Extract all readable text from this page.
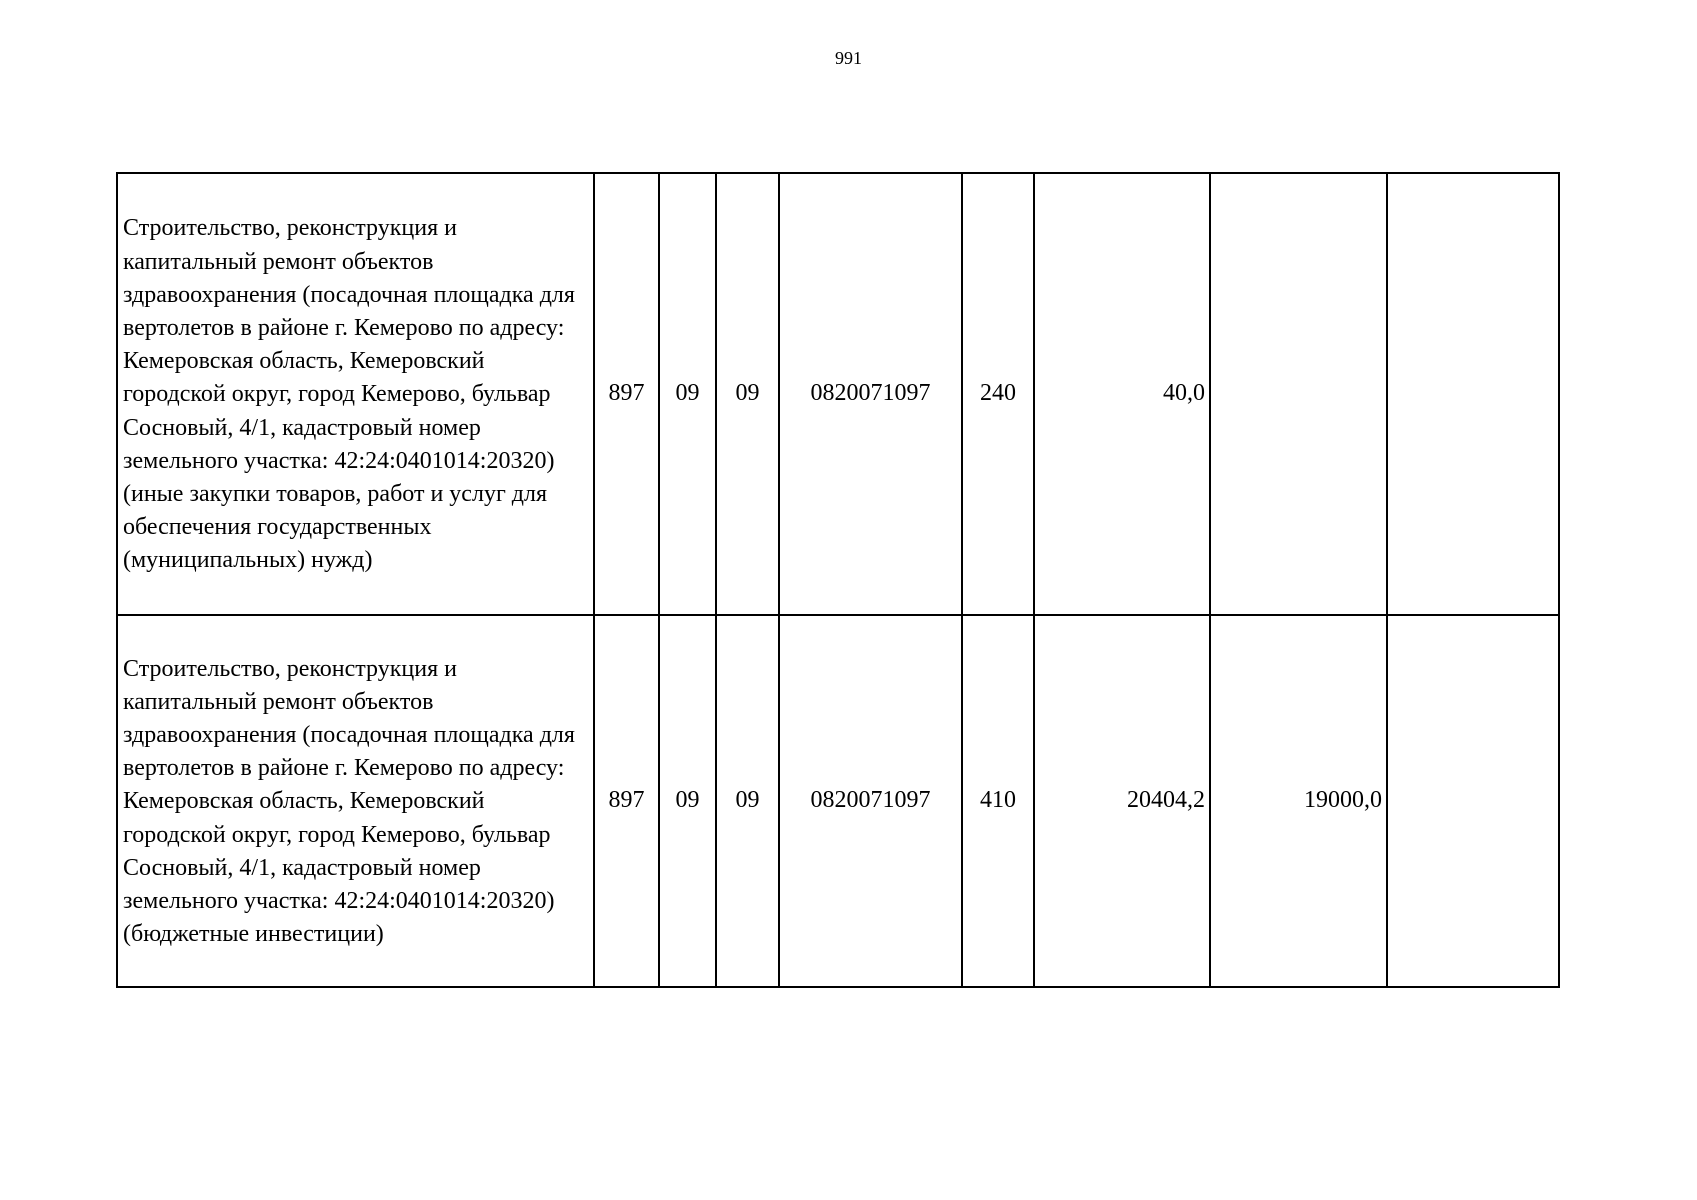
991
Строительство, реконструкция и капитальный ремонт объектов здравоохранения (посадочная площадка для вертолетов в районе г. Кемерово по адресу: Кемеровская область, Кемеровский городской округ, город Кемерово, бульвар Сосновый, 4/1, кадастровый номер земельного участка: 42:24:0401014:20320) (иные закупки товаров, работ и услуг для обеспечения государственных (муниципальных) нужд)	897	09	09	0820071097	240	40,0		
Строительство, реконструкция и капитальный ремонт объектов здравоохранения (посадочная площадка для вертолетов в районе г. Кемерово по адресу: Кемеровская область, Кемеровский городской округ, город Кемерово, бульвар Сосновый, 4/1, кадастровый номер земельного участка: 42:24:0401014:20320) (бюджетные инвестиции)	897	09	09	0820071097	410	20404,2	19000,0	
